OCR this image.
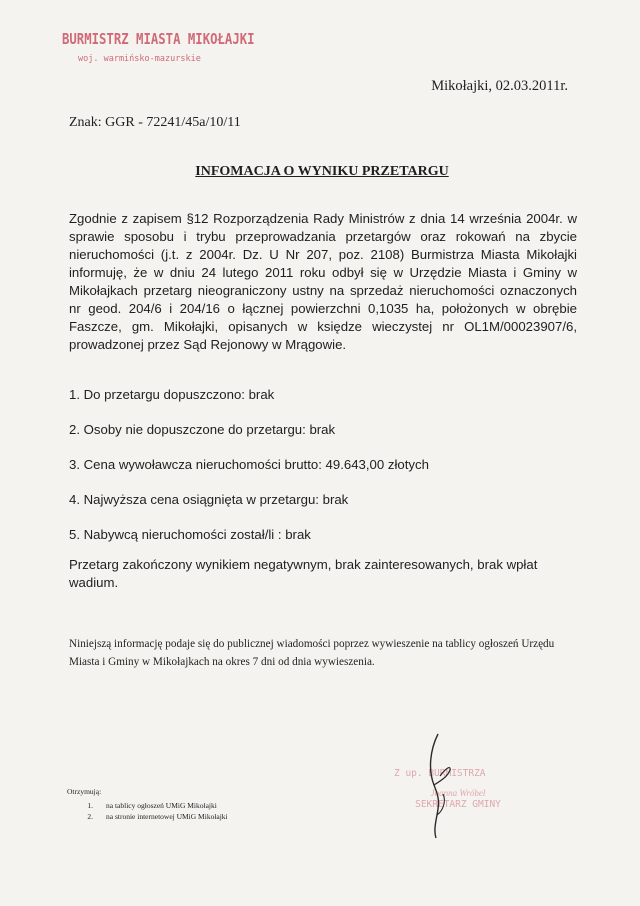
BURMISTRZ MIASTA MIKOŁAJKI
woj. warmińsko-mazurskie
Mikołajki, 02.03.2011r.
Znak: GGR - 72241/45a/10/11
INFOMACJA O WYNIKU PRZETARGU

Zgodnie z zapisem §12 Rozporządzenia Rady Ministrów z dnia 14 września 2004r. w sprawie sposobu i trybu przeprowadzania przetargów oraz rokowań na zbycie nieruchomości (j.t. z 2004r. Dz. U Nr 207, poz. 2108) Burmistrza Miasta Mikołajki informuję, że w dniu 24 lutego 2011 roku odbył się w Urzędzie Miasta i Gminy w Mikołajkach przetarg nieograniczony ustny na sprzedaż nieruchomości oznaczonych nr geod. 204/6 i 204/16 o łącznej powierzchni 0,1035 ha, położonych w obrębie Faszcze, gm. Mikołajki, opisanych w księdze wieczystej nr OL1M/00023907/6, prowadzonej przez Sąd Rejonowy w Mrągowie.

1. Do przetargu dopuszczono: brak
2. Osoby nie dopuszczone do przetargu: brak
3. Cena wywoławcza nieruchomości brutto: 49.643,00 złotych
4. Najwyższa cena osiągnięta w przetargu: brak
5. Nabywcą nieruchomości został/li : brak

Przetarg zakończony wynikiem negatywnym, brak zainteresowanych, brak wpłat wadium.

Niniejszą informację podaje się do publicznej wiadomości poprzez wywieszenie na tablicy ogłoszeń Urzędu Miasta i Gminy w Mikołajkach na okres 7 dni od dnia wywieszenia.

Otrzymują:
1. na tablicy ogłoszeń UMiG Mikołajki
2. na stronie internetowej UMiG Mikołajki
Z up. BURMISTRZA
Joanna Wróbel
SEKRETARZ GMINY
